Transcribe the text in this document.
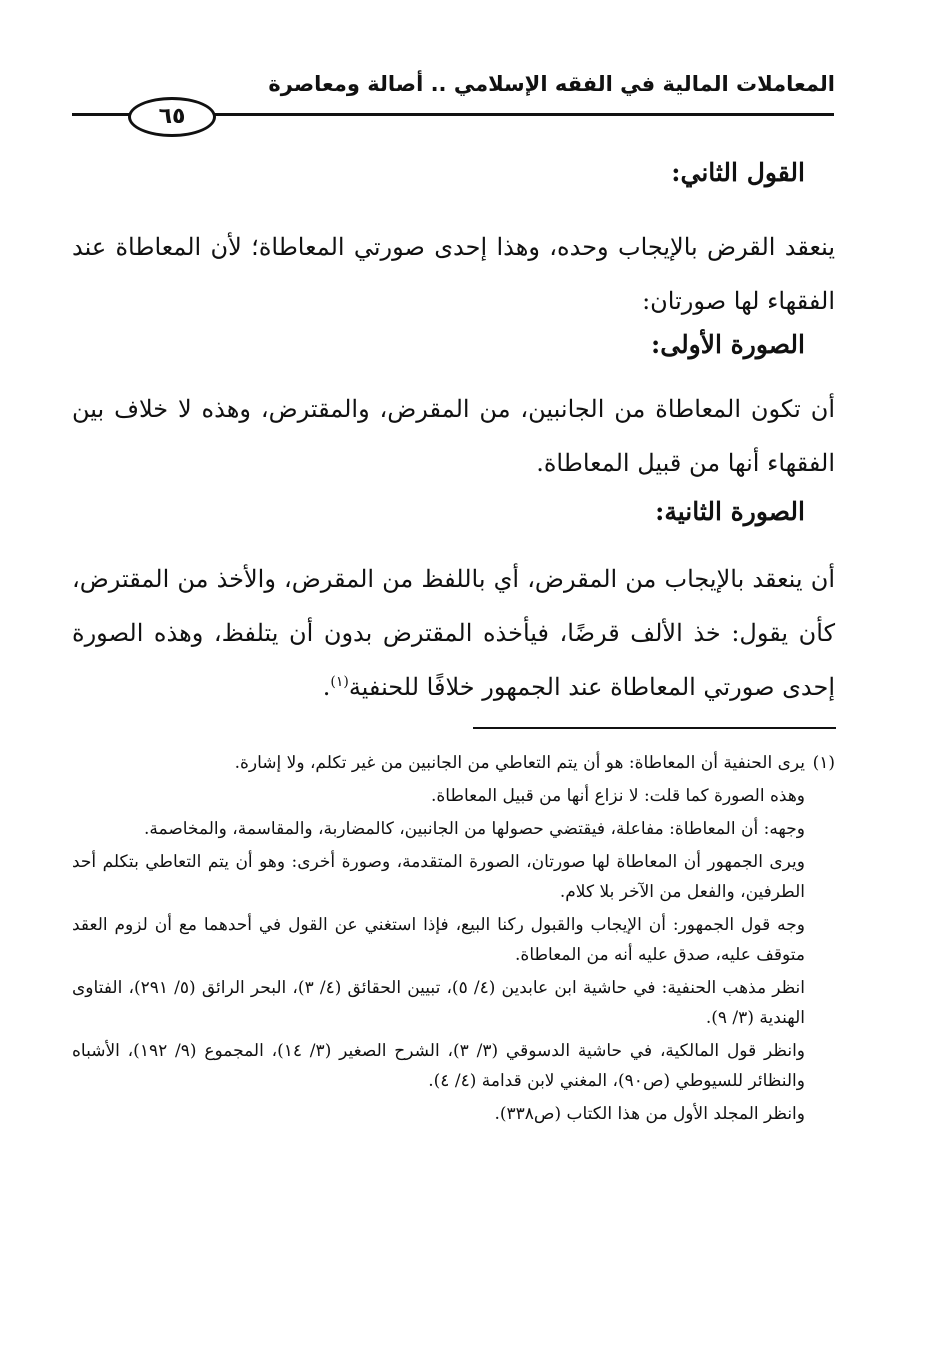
المعاملات المالية في الفقه الإسلامي .. أصالة ومعاصرة
٦٥
القول الثاني:
ينعقد القرض بالإيجاب وحده، وهذا إحدى صورتي المعاطاة؛ لأن المعاطاة عند الفقهاء لها صورتان:
الصورة الأولى:
أن تكون المعاطاة من الجانبين، من المقرض، والمقترض، وهذه لا خلاف بين الفقهاء أنها من قبيل المعاطاة.
الصورة الثانية:
أن ينعقد بالإيجاب من المقرض، أي باللفظ من المقرض، والأخذ من المقترض، كأن يقول: خذ الألف قرضًا، فيأخذه المقترض بدون أن يتلفظ، وهذه الصورة إحدى صورتي المعاطاة عند الجمهور خلافًا للحنفية$^{(١)}$.

(١)يرى الحنفية أن المعاطاة: هو أن يتم التعاطي من الجانبين من غير تكلم، ولا إشارة.

وهذه الصورة كما قلت: لا نزاع أنها من قبيل المعاطاة.

وجهه: أن المعاطاة: مفاعلة، فيقتضي حصولها من الجانبين، كالمضاربة، والمقاسمة، والمخاصمة.

ويرى الجمهور أن المعاطاة لها صورتان، الصورة المتقدمة، وصورة أخرى: وهو أن يتم التعاطي بتكلم أحد الطرفين، والفعل من الآخر بلا كلام.

وجه قول الجمهور: أن الإيجاب والقبول ركنا البيع، فإذا استغني عن القول في أحدهما مع أن لزوم العقد متوقف عليه، صدق عليه أنه من المعاطاة.

انظر مذهب الحنفية: في حاشية ابن عابدين (٤/ ٥)، تبيين الحقائق (٤/ ٣)، البحر الرائق (٥/ ٢٩١)، الفتاوى الهندية (٣/ ٩).

وانظر قول المالكية، في حاشية الدسوقي (٣/ ٣)، الشرح الصغير (٣/ ١٤)، المجموع (٩/ ١٩٢)، الأشباه والنظائر للسيوطي (ص٩٠)، المغني لابن قدامة (٤/ ٤).

وانظر المجلد الأول من هذا الكتاب (ص٣٣٨).
